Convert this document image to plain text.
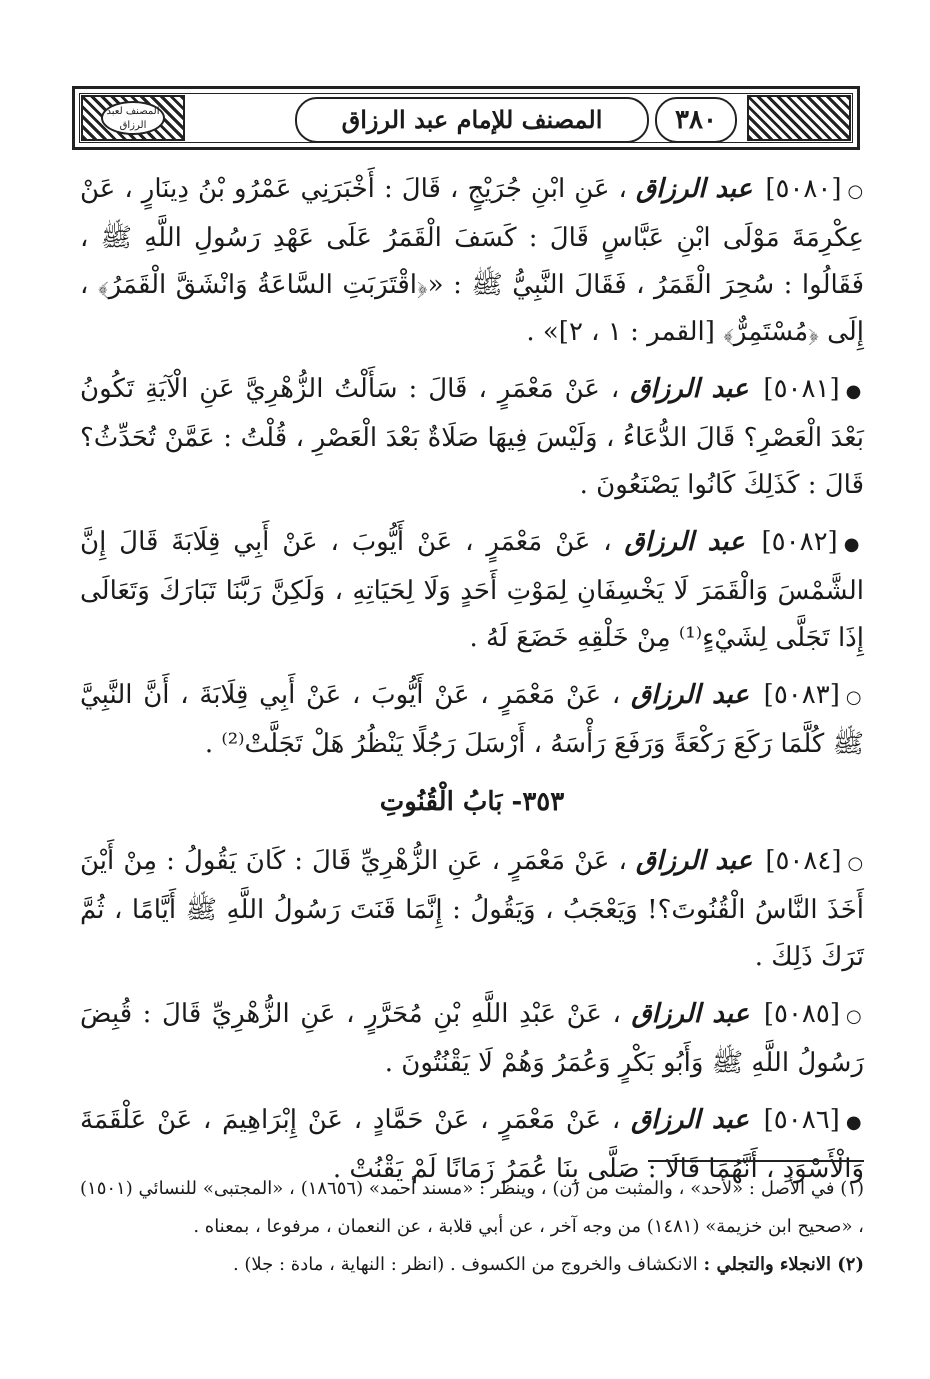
المصنف لعبد الرزاق	المصنف للإمام عبد الرزاق	٣٨٠

○[٥٠٨٠] عبد الرزاق ، عَنِ ابْنِ جُرَيْجٍ ، قَالَ : أَخْبَرَنِي عَمْرُو بْنُ دِينَارٍ ، عَنْ عِكْرِمَةَ مَوْلَى ابْنِ عَبَّاسٍ قَالَ : كَسَفَ الْقَمَرُ عَلَى عَهْدِ رَسُولِ اللَّهِ ﷺ ، فَقَالُوا : سُحِرَ الْقَمَرُ ، فَقَالَ النَّبِيُّ ﷺ : «﴿اقْتَرَبَتِ السَّاعَةُ وَانْشَقَّ الْقَمَرُ﴾ ، إِلَى ﴿مُسْتَمِرٌّ﴾ [القمر : ١ ، ٢]» .

●[٥٠٨١] عبد الرزاق ، عَنْ مَعْمَرٍ ، قَالَ : سَأَلْتُ الزُّهْرِيَّ عَنِ الْآيَةِ تَكُونُ بَعْدَ الْعَصْرِ؟ قَالَ الدُّعَاءُ ، وَلَيْسَ فِيهَا صَلَاةٌ بَعْدَ الْعَصْرِ ، قُلْتُ : عَمَّنْ تُحَدِّثُ؟ قَالَ : كَذَلِكَ كَانُوا يَصْنَعُونَ .

●[٥٠٨٢] عبد الرزاق ، عَنْ مَعْمَرٍ ، عَنْ أَيُّوبَ ، عَنْ أَبِي قِلَابَةَ قَالَ إِنَّ الشَّمْسَ وَالْقَمَرَ لَا يَخْسِفَانِ لِمَوْتِ أَحَدٍ وَلَا لِحَيَاتِهِ ، وَلَكِنَّ رَبَّنَا تَبَارَكَ وَتَعَالَى إِذَا تَجَلَّى لِشَيْءٍ⁽¹⁾ مِنْ خَلْقِهِ خَضَعَ لَهُ .

○[٥٠٨٣] عبد الرزاق ، عَنْ مَعْمَرٍ ، عَنْ أَيُّوبَ ، عَنْ أَبِي قِلَابَةَ ، أَنَّ النَّبِيَّ ﷺ كُلَّمَا رَكَعَ رَكْعَةً وَرَفَعَ رَأْسَهُ ، أَرْسَلَ رَجُلًا يَنْظُرُ هَلْ تَجَلَّتْ⁽²⁾ .

٣٥٣- بَابُ الْقُنُوتِ

○[٥٠٨٤] عبد الرزاق ، عَنْ مَعْمَرٍ ، عَنِ الزُّهْرِيِّ قَالَ : كَانَ يَقُولُ : مِنْ أَيْنَ أَخَذَ النَّاسُ الْقُنُوتَ؟! وَيَعْجَبُ ، وَيَقُولُ : إِنَّمَا قَنَتَ رَسُولُ اللَّهِ ﷺ أَيَّامًا ، ثُمَّ تَرَكَ ذَلِكَ .

○[٥٠٨٥] عبد الرزاق ، عَنْ عَبْدِ اللَّهِ بْنِ مُحَرَّرٍ ، عَنِ الزُّهْرِيِّ قَالَ : قُبِضَ رَسُولُ اللَّهِ ﷺ وَأَبُو بَكْرٍ وَعُمَرُ وَهُمْ لَا يَقْنُتُونَ .

●[٥٠٨٦] عبد الرزاق ، عَنْ مَعْمَرٍ ، عَنْ حَمَّادٍ ، عَنْ إِبْرَاهِيمَ ، عَنْ عَلْقَمَةَ وَالْأَسْوَدِ ، أَنَّهُمَا قَالَا : صَلَّى بِنَا عُمَرُ زَمَانًا لَمْ يَقْنُتْ .

(١) في الأصل : «لأحد» ، والمثبت من (ن) ، وينظر : «مسند أحمد» (١٨٦٥٦) ، «المجتبى» للنسائي (١٥٠١) ، «صحيح ابن خزيمة» (١٤٨١) من وجه آخر ، عن أبي قلابة ، عن النعمان ، مرفوعا ، بمعناه .

(٢) الانجلاء والتجلي : الانكشاف والخروج من الكسوف . (انظر : النهاية ، مادة : جلا) .
